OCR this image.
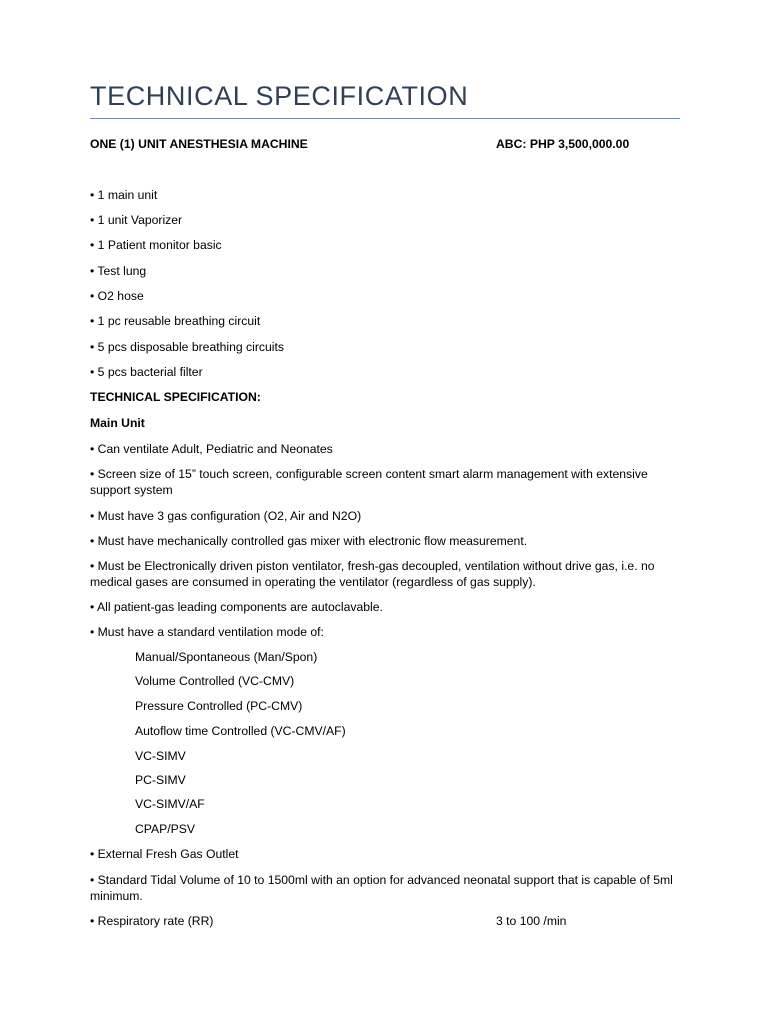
TECHNICAL SPECIFICATION
ONE (1) UNIT ANESTHESIA MACHINE	ABC: PHP 3,500,000.00
• 1 main unit
• 1 unit Vaporizer
• 1 Patient monitor basic
• Test lung
• O2 hose
• 1 pc reusable breathing circuit
• 5 pcs disposable breathing circuits
• 5 pcs bacterial filter
TECHNICAL SPECIFICATION:
Main Unit
• Can ventilate Adult, Pediatric and Neonates
• Screen size of 15” touch screen, configurable screen content smart alarm management with extensive support system
• Must have 3 gas configuration (O2, Air and N2O)
• Must have mechanically controlled gas mixer with electronic flow measurement.
• Must be Electronically driven piston ventilator, fresh-gas decoupled, ventilation without drive gas, i.e. no medical gases are consumed in operating the ventilator (regardless of gas supply).
• All patient-gas leading components are autoclavable.
• Must have a standard ventilation mode of:
Manual/Spontaneous (Man/Spon)
Volume Controlled (VC-CMV)
Pressure Controlled (PC-CMV)
Autoflow time Controlled (VC-CMV/AF)
VC-SIMV
PC-SIMV
VC-SIMV/AF
CPAP/PSV
• External Fresh Gas Outlet
• Standard Tidal Volume of 10 to 1500ml with an option for advanced neonatal support that is capable of 5ml minimum.
• Respiratory rate (RR)	3 to 100 /min
